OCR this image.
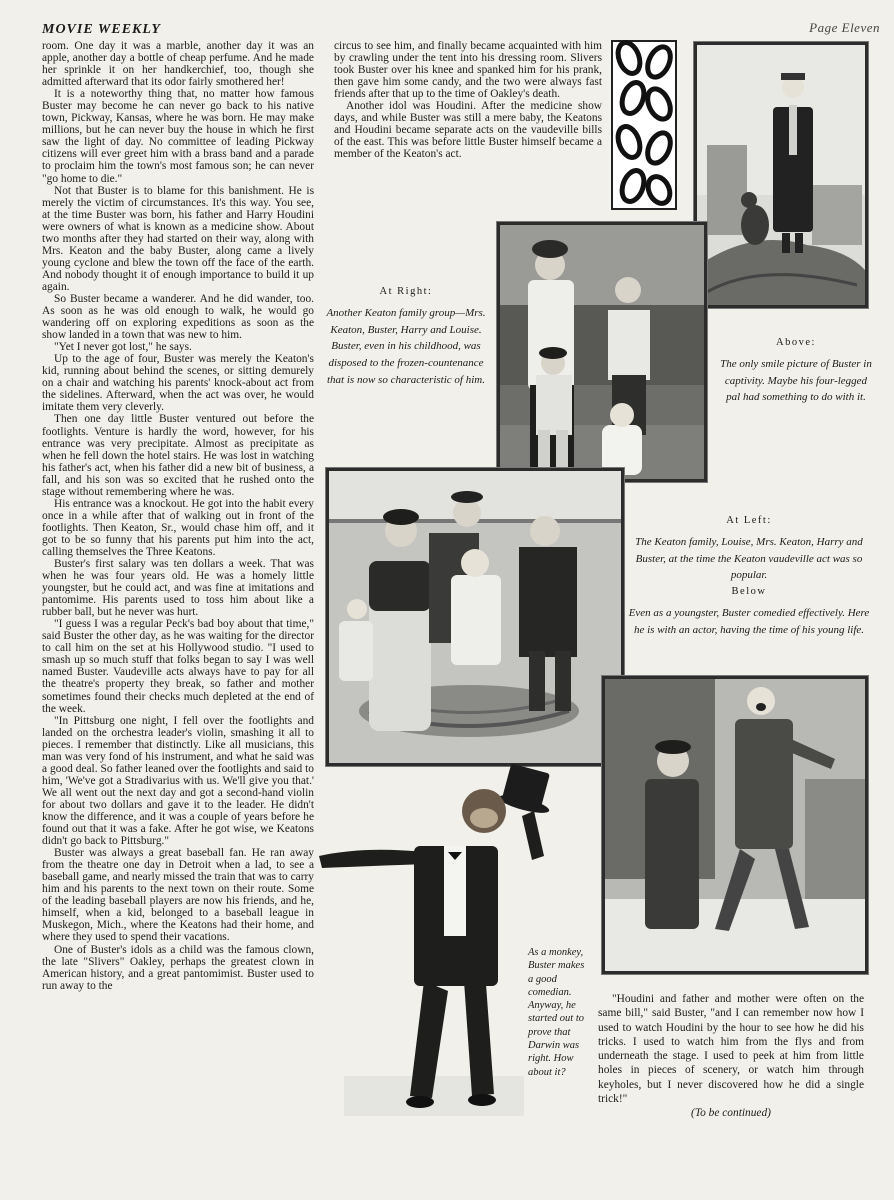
MOVIE WEEKLY	Page Eleven

room. One day it was a marble, another day it was an apple, another day a bottle of cheap perfume. And he made her sprinkle it on her handkerchief, too, though she admitted afterward that its odor fairly smothered her!

It is a noteworthy thing that, no matter how famous Buster may become he can never go back to his native town, Pickway, Kansas, where he was born. He may make millions, but he can never buy the house in which he first saw the light of day. No committee of leading Pickway citizens will ever greet him with a brass band and a parade to proclaim him the town's most famous son; he can never "go home to die."

Not that Buster is to blame for this banishment. He is merely the victim of circumstances. It's this way. You see, at the time Buster was born, his father and Harry Houdini were owners of what is known as a medicine show. About two months after they had started on their way, along with Mrs. Keaton and the baby Buster, along came a lively young cyclone and blew the town off the face of the earth. And nobody thought it of enough importance to build it up again.

So Buster became a wanderer. And he did wander, too. As soon as he was old enough to walk, he would go wandering off on exploring expeditions as soon as the show landed in a town that was new to him.

"Yet I never got lost," he says.

Up to the age of four, Buster was merely the Keaton's kid, running about behind the scenes, or sitting demurely on a chair and watching his parents' knock-about act from the sidelines. Afterward, when the act was over, he would imitate them very cleverly.

Then one day little Buster ventured out before the footlights. Venture is hardly the word, however, for his entrance was very precipitate. Almost as precipitate as when he fell down the hotel stairs. He was lost in watching his father's act, when his father did a new bit of business, a fall, and his son was so excited that he rushed onto the stage without remembering where he was.

His entrance was a knockout. He got into the habit every once in a while after that of walking out in front of the footlights. Then Keaton, Sr., would chase him off, and it got to be so funny that his parents put him into the act, calling themselves the Three Keatons.

Buster's first salary was ten dollars a week. That was when he was four years old. He was a homely little youngster, but he could act, and was fine at imitations and pantomime. His parents used to toss him about like a rubber ball, but he never was hurt.

"I guess I was a regular Peck's bad boy about that time," said Buster the other day, as he was waiting for the director to call him on the set at his Hollywood studio. "I used to smash up so much stuff that folks began to say I was well named Buster. Vaudeville acts always have to pay for all the theatre's property they break, so father and mother sometimes found their checks much depleted at the end of the week.

"In Pittsburg one night, I fell over the footlights and landed on the orchestra leader's violin, smashing it all to pieces. I remember that distinctly. Like all musicians, this man was very fond of his instrument, and what he said was a good deal. So father leaned over the footlights and said to him, 'We've got a Stradivarius with us. We'll give you that.' We all went out the next day and got a second-hand violin for about two dollars and gave it to the leader. He didn't know the difference, and it was a couple of years before he found out that it was a fake. After he got wise, we Keatons didn't go back to Pittsburg."

Buster was always a great baseball fan. He ran away from the theatre one day in Detroit when a lad, to see a baseball game, and nearly missed the train that was to carry him and his parents to the next town on their route. Some of the leading baseball players are now his friends, and he, himself, when a kid, belonged to a baseball league in Muskegon, Mich., where the Keatons had their home, and where they used to spend their vacations.

One of Buster's idols as a child was the famous clown, the late "Slivers" Oakley, perhaps the greatest clown in American history, and a great pantomimist. Buster used to run away to the

circus to see him, and finally became acquainted with him by crawling under the tent into his dressing room. Slivers took Buster over his knee and spanked him for his prank, then gave him some candy, and the two were always fast friends after that up to the time of Oakley's death.

Another idol was Houdini. After the medicine show days, and while Buster was still a mere baby, the Keatons and Houdini became separate acts on the vaudeville bills of the east. This was before little Buster himself became a member of the Keaton's act.

At Right:
Another Keaton family group—Mrs. Keaton, Buster, Harry and Louise. Buster, even in his childhood, was disposed to the frozen-countenance that is now so characteristic of him.
Above:
The only smile picture of Buster in captivity. Maybe his four-legged pal had something to do with it.
At Left:
The Keaton family, Louise, Mrs. Keaton, Harry and Buster, at the time the Keaton vaudeville act was so popular.
Below
Even as a youngster, Buster comedied effectively. Here he is with an actor, having the time of his young life.
As a monkey, Buster makes a good comedian. Anyway, he started out to prove that Darwin was right. How about it?

"Houdini and father and mother were often on the same bill," said Buster, "and I can remember now how I used to watch Houdini by the hour to see how he did his tricks. I used to watch him from the flys and from underneath the stage. I used to peek at him from little holes in pieces of scenery, or watch him through keyholes, but I never discovered how he did a single trick!"

(To be continued)
